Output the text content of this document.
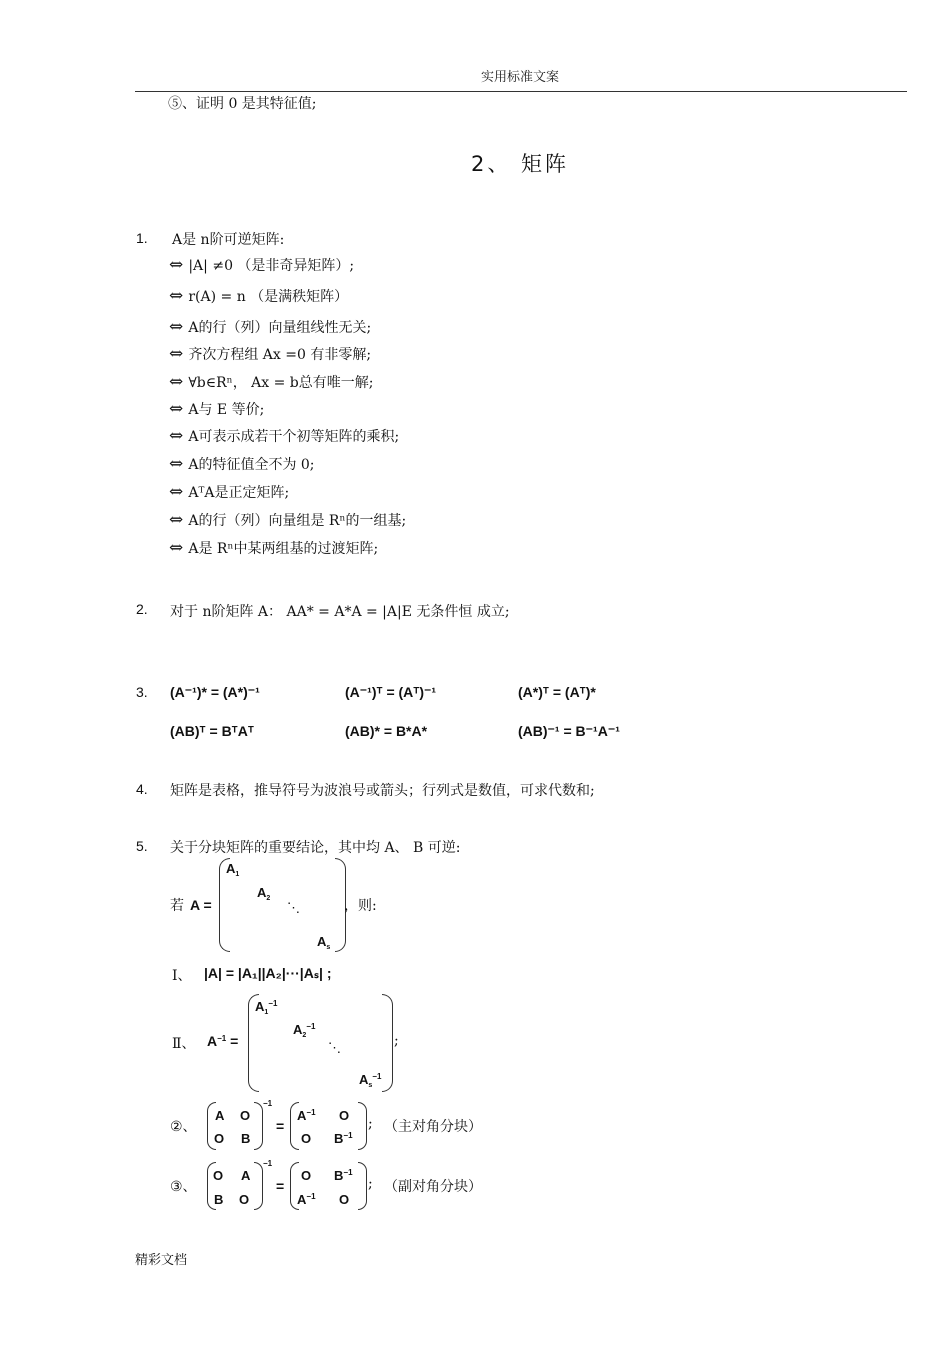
实用标准文案
⑤、证明 0 是其特征值;
2、 矩阵
1. A是 n阶可逆矩阵:
⇔ |A| ≠0 （是非奇异矩阵）;
⇔ r(A) = n （是满秩矩阵）
⇔ A的行（列）向量组线性无关;
⇔ 齐次方程组 Ax =0 有非零解;
⇔ ∀b∈Rⁿ， Ax = b总有唯一解;
⇔ A与 E 等价;
⇔ A可表示成若干个初等矩阵的乘积;
⇔ A的特征值全不为 0;
⇔ AᵀA是正定矩阵;
⇔ A的行（列）向量组是 Rⁿ的一组基;
⇔ A是 Rⁿ中某两组基的过渡矩阵;
2. 对于 n阶矩阵 A： AA* = A*A = |A|E 无条件恒 成立;
3. (A⁻¹)* = (A*)⁻¹	(A⁻¹)ᵀ = (Aᵀ)⁻¹	(A*)ᵀ = (Aᵀ)*
(AB)ᵀ = BᵀAᵀ	(AB)* = B*A*	(AB)⁻¹ = B⁻¹A⁻¹
4. 矩阵是表格，推导符号为波浪号或箭头；行列式是数值，可求代数和;
5. 关于分块矩阵的重要结论，其中均 A、 B 可逆:
若 A =
$A_1$
$A_2$
⋱
$A_s$
，则:
Ⅰ、 |A| = |A₁||A₂|···|Aₛ| ;
Ⅱ、 $A^{-1}$ =
$A_1^{-1}$
$A_2^{-1}$
⋱
$A_s^{-1}$
;
②、
A O
O B
−1
=
$A^{-1}$ O
O $B^{-1}$
; （主对角分块）
③、
O A
B O
−1
=
O $B^{-1}$
$A^{-1}$ O
; （副对角分块）
精彩文档
